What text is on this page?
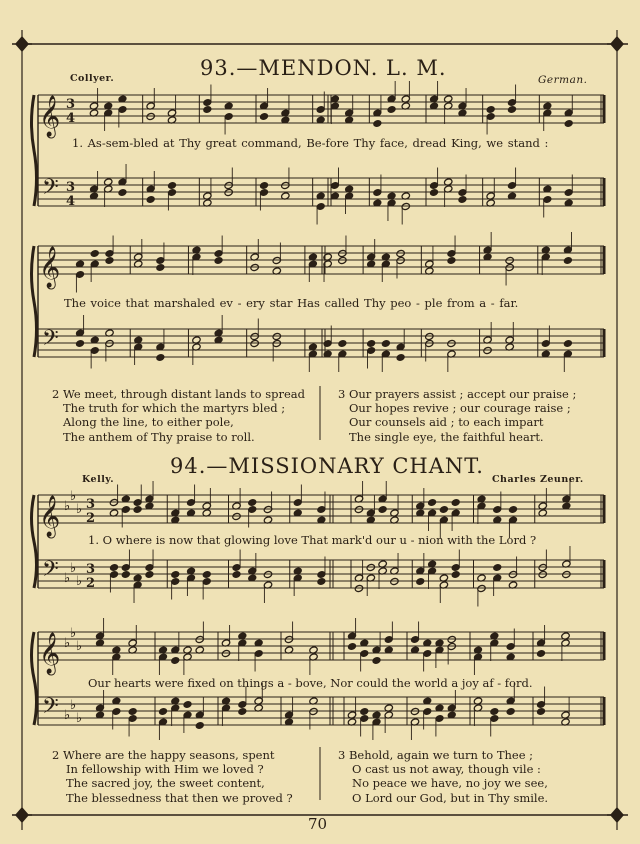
𝄞
𝄢
3
4
3
4
𝄞
𝄢
𝄞
𝄢
♭
♭
♭
♭
♭
♭
3
2
3
2
𝄞
𝄢
♭
♭
♭
♭
♭
♭
93.—MENDON. L. M.
Collyer.	German.
1. As-sem-bled at Thy great command, Be-fore Thy face, dread King, we stand :
The voice that marshaled ev - ery star Has called Thy peo - ple from a - far.
2 We meet, through distant lands to spread
The truth for which the martyrs bled ;
Along the line, to either pole,
The anthem of Thy praise to roll.
3 Our prayers assist ; accept our praise ;
Our hopes revive ; our courage raise ;
Our counsels aid ; to each impart
The single eye, the faithful heart.
94.—MISSIONARY CHANT.
Kelly.	Charles Zeuner.
1. O where is now that glowing love That mark'd our u - nion with the Lord ?
Our hearts were fixed on things a - bove, Nor could the world a joy af - ford.
2 Where are the happy seasons, spent
In fellowship with Him we loved ?
The sacred joy, the sweet content,
The blessedness that then we proved ?
3 Behold, again we turn to Thee ;
O cast us not away, though vile :
No peace we have, no joy we see,
O Lord our God, but in Thy smile.
70
